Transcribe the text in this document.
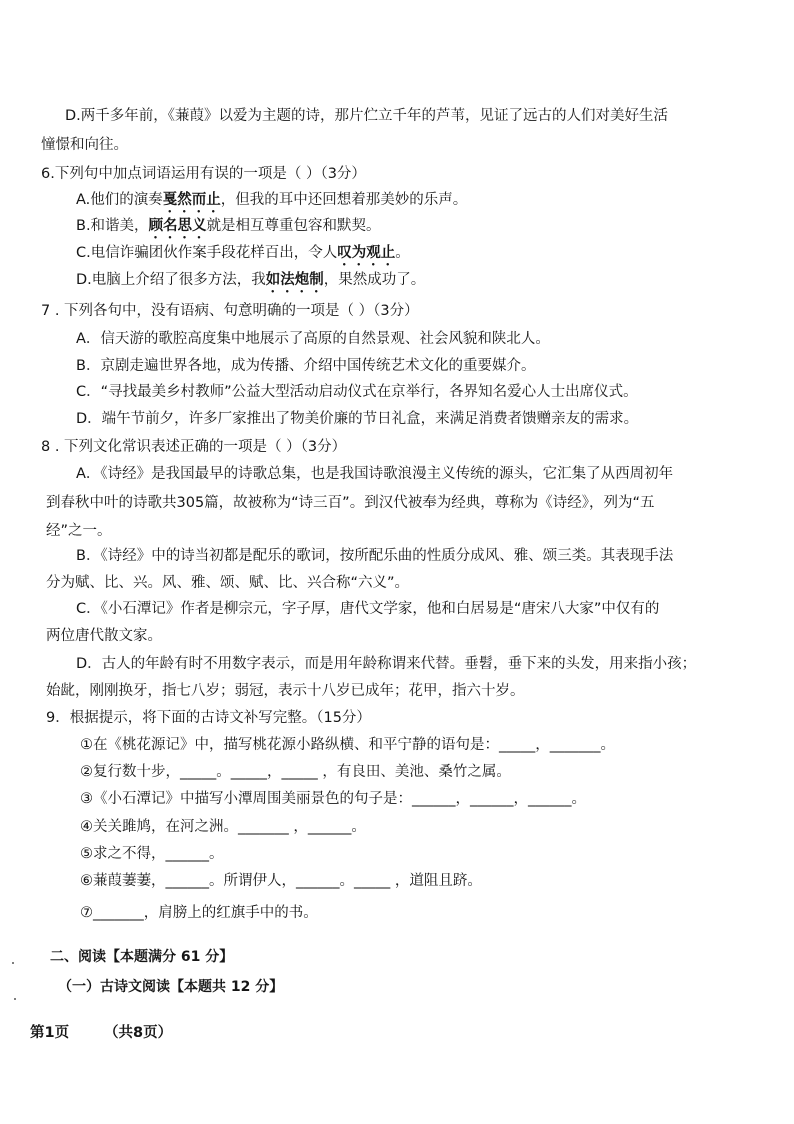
D.两千多年前，《蒹葭》以爱为主题的诗，那片伫立千年的芦苇，见证了远古的人们对美好生活
憧憬和向往。
6.下列句中加点词语运用有误的一项是（ ）（3分）
A.他们的演奏戛然而止，但我的耳中还回想着那美妙的乐声。
B.和谐美，顾名思义就是相互尊重包容和默契。
C.电信诈骗团伙作案手段花样百出，令人叹为观止。
D.电脑上介绍了很多方法，我如法炮制，果然成功了。
7 . 下列各句中，没有语病、句意明确的一项是（ ）（3分）
A．信天游的歌腔高度集中地展示了高原的自然景观、社会风貌和陕北人。
B．京剧走遍世界各地，成为传播、介绍中国传统艺术文化的重要媒介。
C．“寻找最美乡村教师”公益大型活动启动仪式在京举行，各界知名爱心人士出席仪式。
D．端午节前夕，许多厂家推出了物美价廉的节日礼盒，来满足消费者馈赠亲友的需求。
8 . 下列文化常识表述正确的一项是（ ）（3分）
A．《诗经》是我国最早的诗歌总集，也是我国诗歌浪漫主义传统的源头，它汇集了从西周初年
到春秋中叶的诗歌共305篇，故被称为“诗三百”。到汉代被奉为经典，尊称为《诗经》，列为“五
经”之一。
B．《诗经》中的诗当初都是配乐的歌词，按所配乐曲的性质分成风、雅、颂三类。其表现手法
分为赋、比、兴。风、雅、颂、赋、比、兴合称“六义”。
C．《小石潭记》作者是柳宗元，字子厚，唐代文学家，他和白居易是“唐宋八大家”中仅有的
两位唐代散文家。
D．古人的年龄有时不用数字表示，而是用年龄称谓来代替。垂髫，垂下来的头发，用来指小孩；
始龀，刚刚换牙，指七八岁；弱冠，表示十八岁已成年；花甲，指六十岁。
9．根据提示，将下面的古诗文补写完整。（15分）
①在《桃花源记》中，描写桃花源小路纵横、和平宁静的语句是：_____，_______。
②复行数十步，_____。_____，_____ ，有良田、美池、桑竹之属。
③《小石潭记》中描写小潭周围美丽景色的句子是：______，______，______。
④关关雎鸠，在河之洲。_______ ，______。
⑤求之不得，______。
⑥蒹葭萋萋，______。所谓伊人，______。_____ ，道阻且跻。
⑦_______，肩膀上的红旗手中的书。
二、阅读【本题满分 61 分】
（一）古诗文阅读【本题共 12 分】
第1页 （共8页）
